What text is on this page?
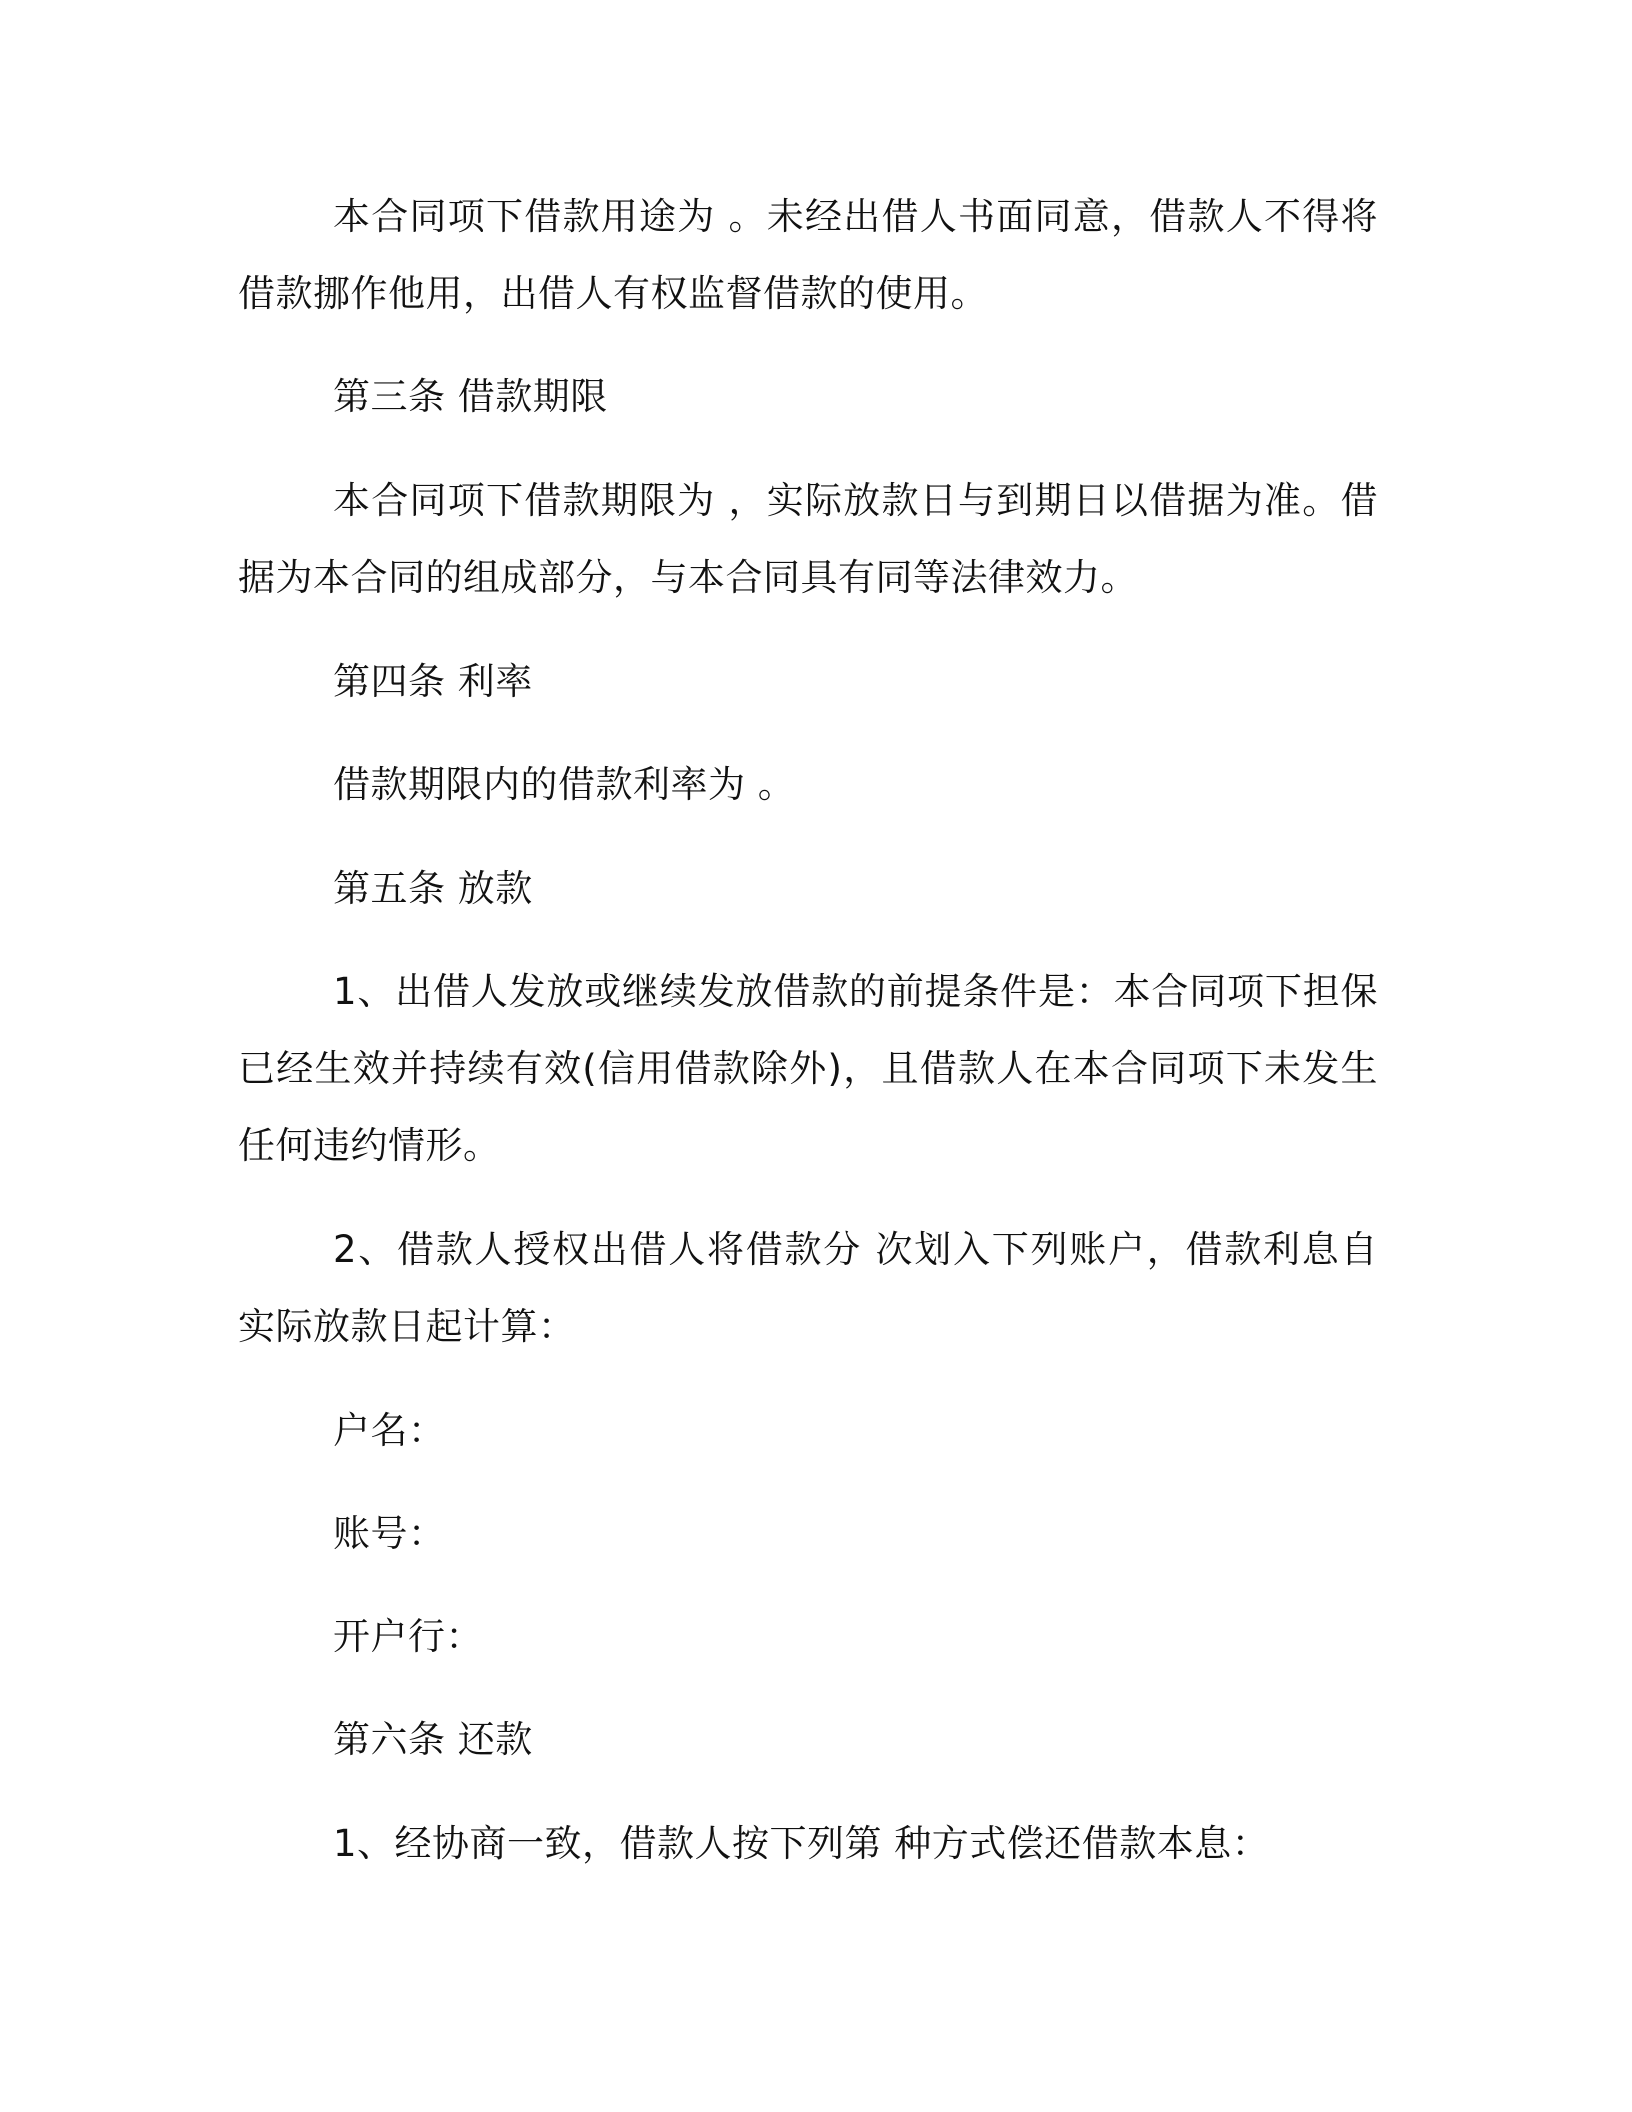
本合同项下借款用途为 。未经出借人书面同意，借款人不得将借款挪作他用，出借人有权监督借款的使用。

第三条 借款期限

本合同项下借款期限为 ，实际放款日与到期日以借据为准。借据为本合同的组成部分，与本合同具有同等法律效力。

第四条 利率

借款期限内的借款利率为 。

第五条 放款

1、出借人发放或继续发放借款的前提条件是：本合同项下担保已经生效并持续有效(信用借款除外)，且借款人在本合同项下未发生任何违约情形。

2、借款人授权出借人将借款分 次划入下列账户，借款利息自实际放款日起计算：

户名：

账号：

开户行：

第六条 还款

1、经协商一致，借款人按下列第 种方式偿还借款本息：
